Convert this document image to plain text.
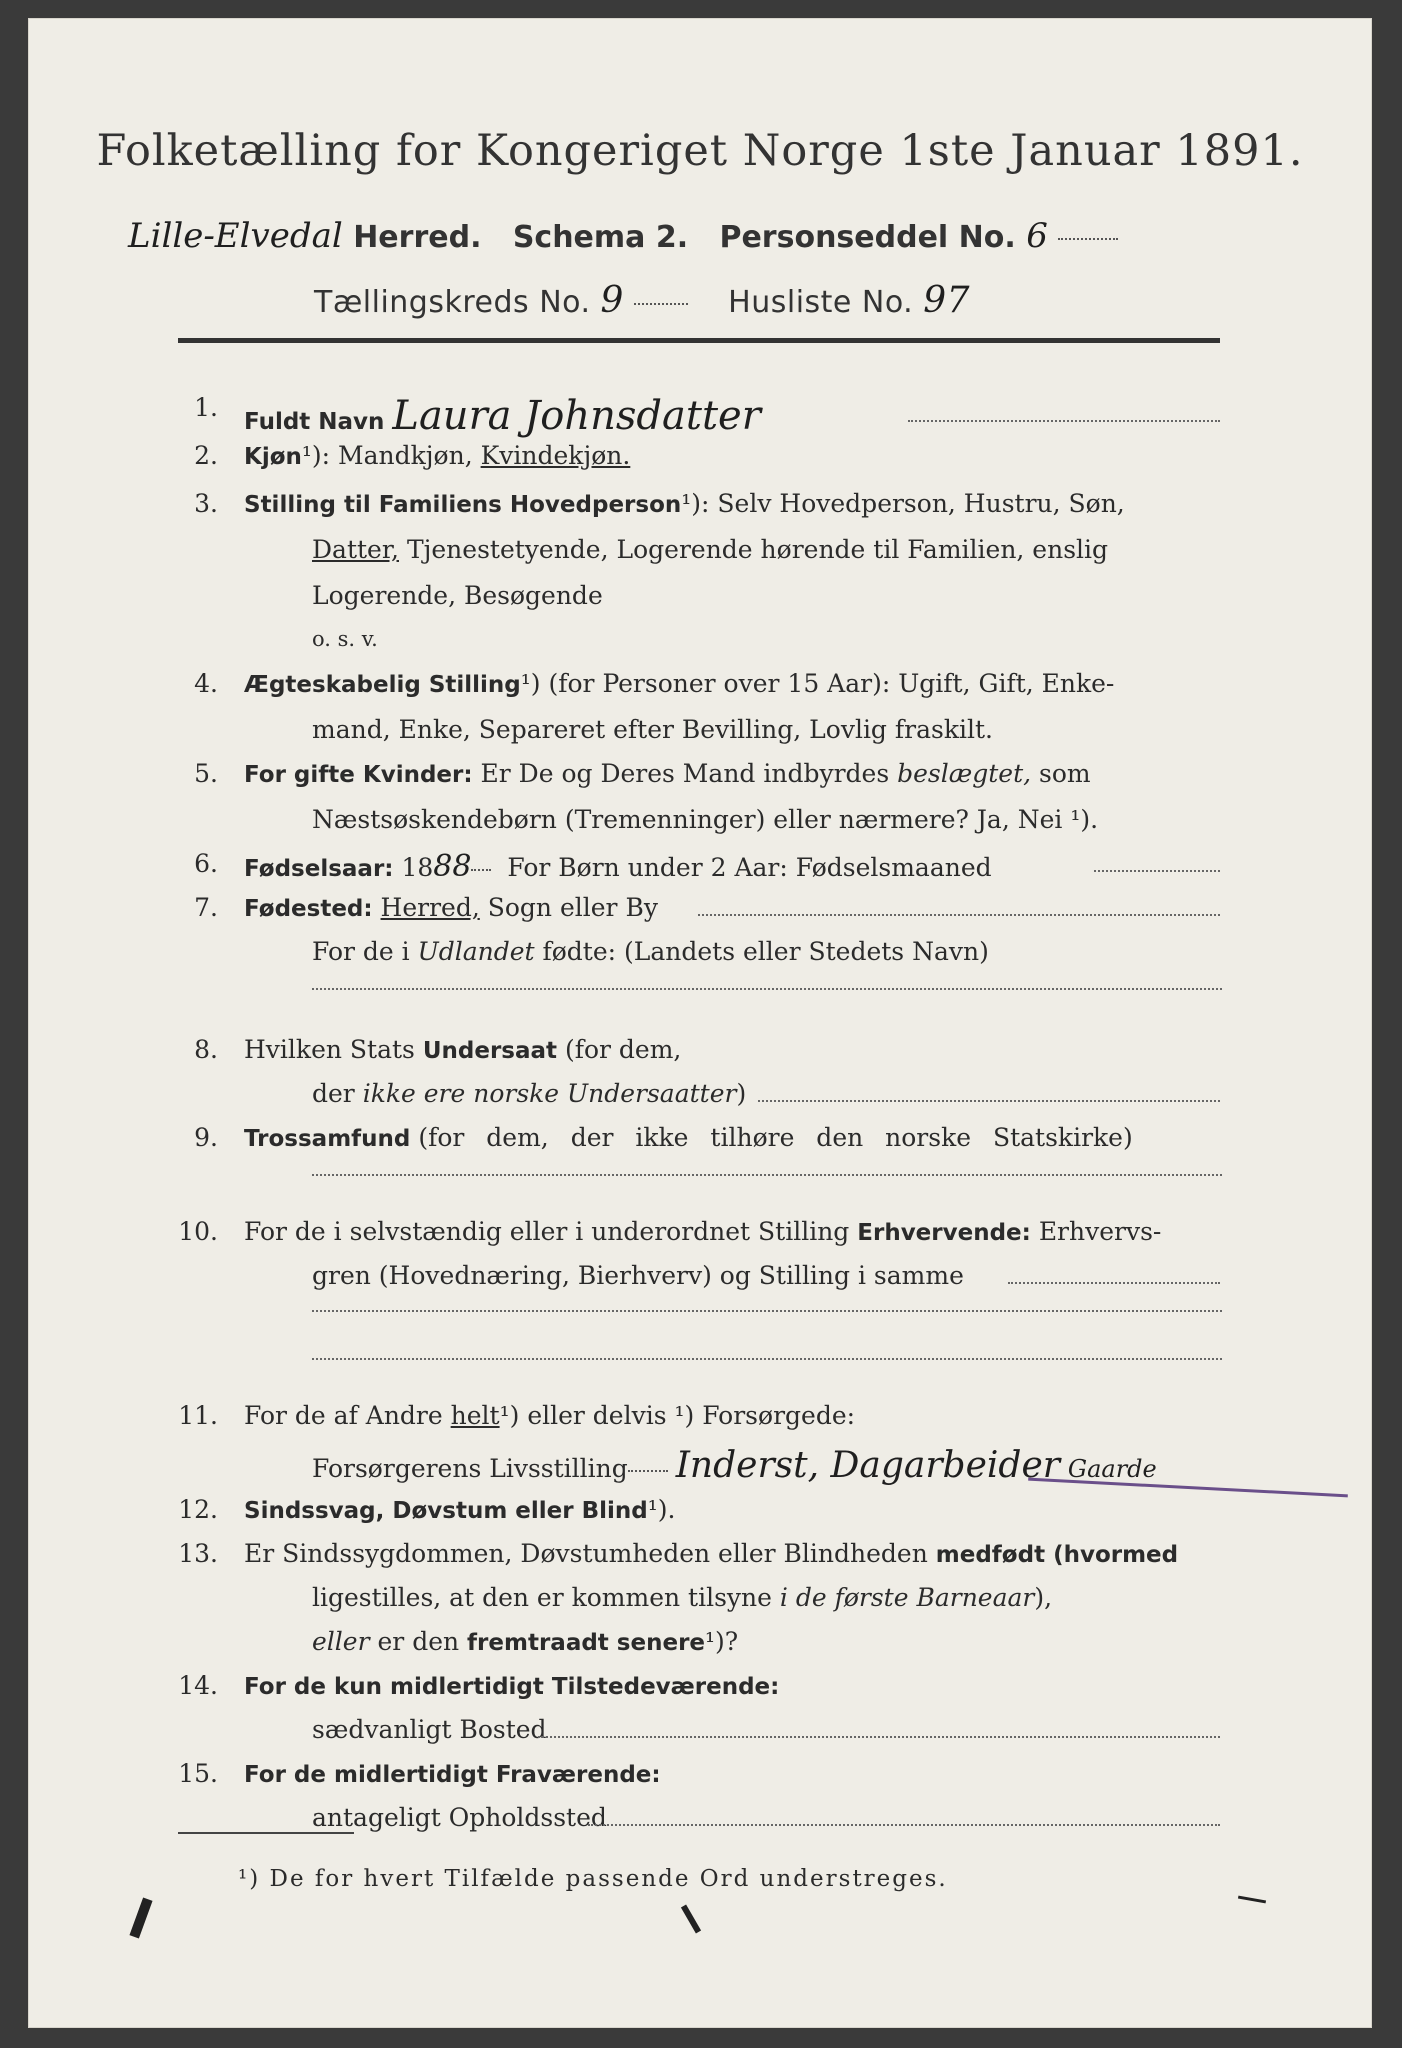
Folketælling for Kongeriget Norge 1ste Januar 1891.
Lille-Elvedal Herred. Schema 2. Personseddel No. 6
Tællingskreds No. 9	Husliste No. 97
1. Fuldt Navn Laura Johnsdatter
2. Kjøn¹): Mandkjøn, Kvindekjøn.
3. Stilling til Familiens Hovedperson¹): Selv Hovedperson, Hustru, Søn,
Datter, Tjenestetyende, Logerende hørende til Familien, enslig
Logerende, Besøgende
o. s. v.
4. Ægteskabelig Stilling¹) (for Personer over 15 Aar): Ugift, Gift, Enke-
mand, Enke, Separeret efter Bevilling, Lovlig fraskilt.
5. For gifte Kvinder: Er De og Deres Mand indbyrdes beslægtet, som
Næstsøskendebørn (Tremenninger) eller nærmere? Ja, Nei ¹).
6. Fødselsaar: 1888 For Børn under 2 Aar: Fødselsmaaned
7. Fødested: Herred, Sogn eller By
For de i Udlandet fødte: (Landets eller Stedets Navn)
8. Hvilken Stats Undersaat (for dem,
der ikke ere norske Undersaatter)
9. Trossamfund (for dem, der ikke tilhøre den norske Statskirke)
10. For de i selvstændig eller i underordnet Stilling Erhvervende: Erhvervs-
gren (Hovednæring, Bierhverv) og Stilling i samme
11. For de af Andre helt¹) eller delvis ¹) Forsørgede:
Forsørgerens Livsstilling Inderst, Dagarbeider Gaarde
12. Sindssvag, Døvstum eller Blind¹).
13. Er Sindssygdommen, Døvstumheden eller Blindheden medfødt (hvormed
ligestilles, at den er kommen tilsyne i de første Barneaar),
eller er den fremtraadt senere¹)?
14. For de kun midlertidigt Tilstedeværende:
sædvanligt Bosted
15. For de midlertidigt Fraværende:
antageligt Opholdssted
¹) De for hvert Tilfælde passende Ord understreges.
